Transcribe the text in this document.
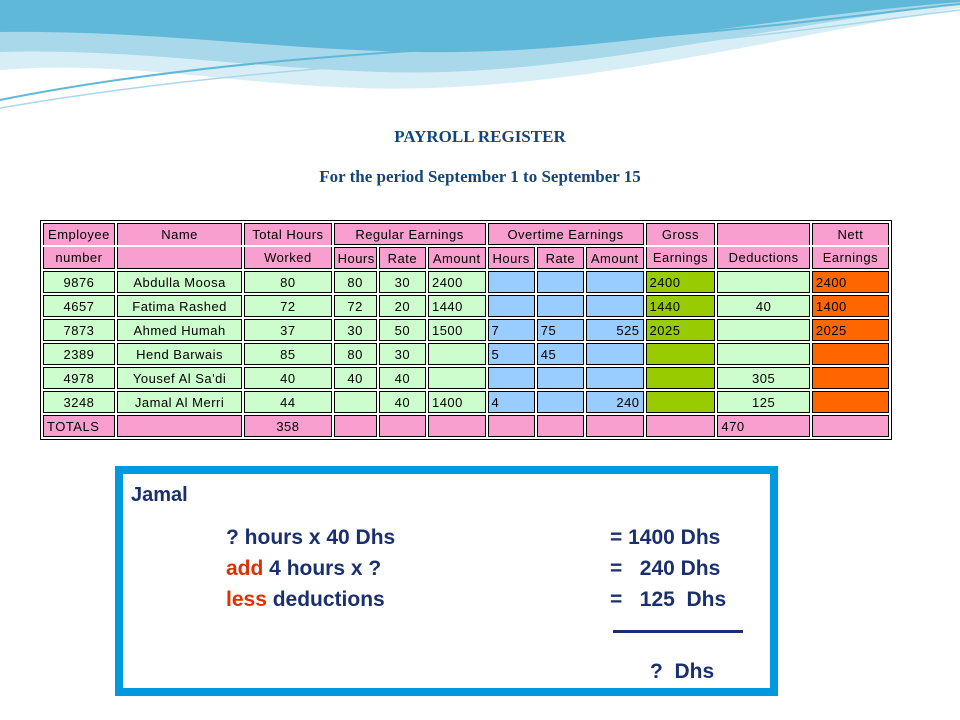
PAYROLL REGISTER
For the period September 1 to September 15
Employee	Name	Total Hours	Regular Earnings			Overtime Earnings			Gross		Nett
number		Worked	Hours	Rate	Amount	Hours	Rate	Amount	Earnings	Deductions	Earnings
9876	Abdulla Moosa	80	80	30	2400				2400		2400
4657	Fatima Rashed	72	72	20	1440				1440	40	1400
7873	Ahmed Humah	37	30	50	1500	7	75	525	2025		2025
2389	Hend Barwais	85	80	30		5	45				
4978	Yousef Al Sa'di	40	40	40						305	
3248	Jamal Al Merri	44		40	1400	4		240		125	
TOTALS		358								470	
Jamal
? hours x 40 Dhs	= 1400 Dhs
add 4 hours x ?	=   240 Dhs
less deductions	=   125  Dhs
?  Dhs
